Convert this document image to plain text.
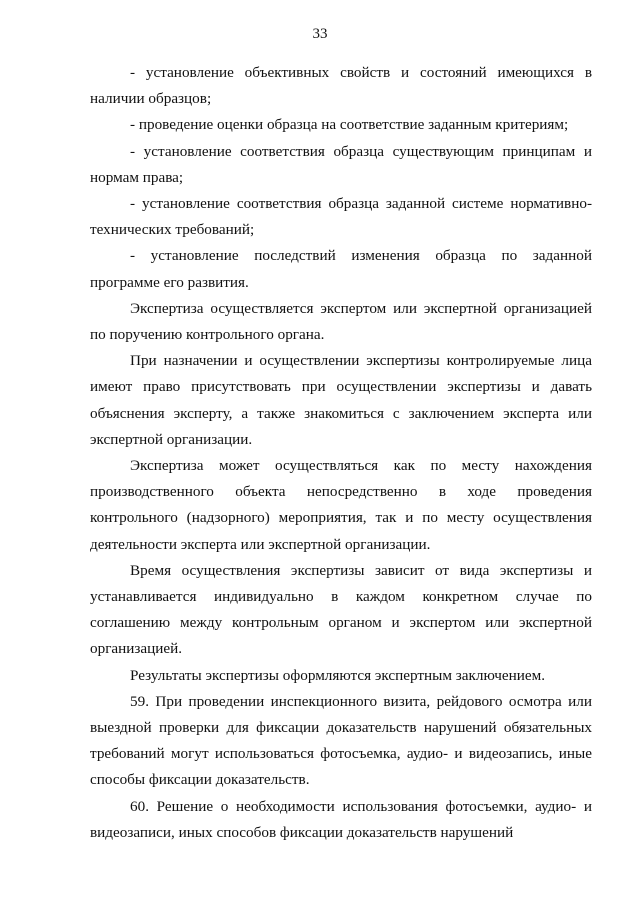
33

- установление объективных свойств и состояний имеющихся в наличии образцов;

- проведение оценки образца на соответствие заданным критериям;

- установление соответствия образца существующим принципам и нормам права;

- установление соответствия образца заданной системе нормативно-технических требований;

- установление последствий изменения образца по заданной программе его развития.

Экспертиза осуществляется экспертом или экспертной организацией по поручению контрольного органа.

При назначении и осуществлении экспертизы контролируемые лица имеют право присутствовать при осуществлении экспертизы и давать объяснения эксперту, а также знакомиться с заключением эксперта или экспертной организации.

Экспертиза может осуществляться как по месту нахождения производственного объекта непосредственно в ходе проведения контрольного (надзорного) мероприятия, так и по месту осуществления деятельности эксперта или экспертной организации.

Время осуществления экспертизы зависит от вида экспертизы и устанавливается индивидуально в каждом конкретном случае по соглашению между контрольным органом и экспертом или экспертной организацией.

Результаты экспертизы оформляются экспертным заключением.

59. При проведении инспекционного визита, рейдового осмотра или выездной проверки для фиксации доказательств нарушений обязательных требований могут использоваться фотосъемка, аудио- и видеозапись, иные способы фиксации доказательств.

60. Решение о необходимости использования фотосъемки, аудио- и видеозаписи, иных способов фиксации доказательств нарушений
